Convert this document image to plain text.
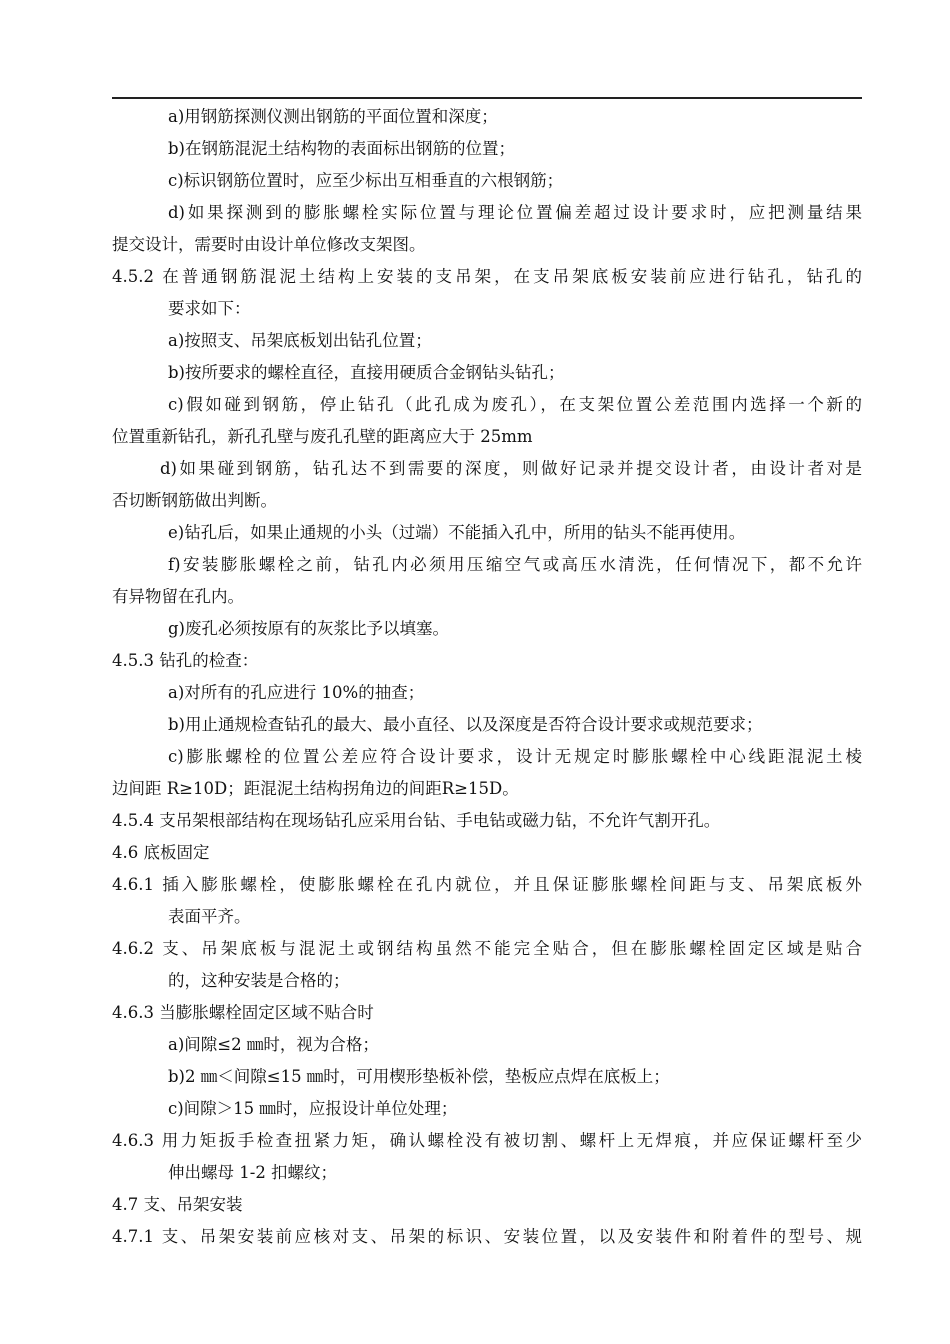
a)用钢筋探测仪测出钢筋的平面位置和深度；
b)在钢筋混泥土结构物的表面标出钢筋的位置；
c)标识钢筋位置时，应至少标出互相垂直的六根钢筋；
d)如果探测到的膨胀螺栓实际位置与理论位置偏差超过设计要求时，应把测量结果
提交设计，需要时由设计单位修改支架图。
4.5.2 在普通钢筋混泥土结构上安装的支吊架，在支吊架底板安装前应进行钻孔，钻孔的
要求如下：
a)按照支、吊架底板划出钻孔位置；
b)按所要求的螺栓直径，直接用硬质合金钢钻头钻孔；
c)假如碰到钢筋，停止钻孔（此孔成为废孔），在支架位置公差范围内选择一个新的
位置重新钻孔，新孔孔壁与废孔孔壁的距离应大于 25mm
d)如果碰到钢筋，钻孔达不到需要的深度，则做好记录并提交设计者，由设计者对是
否切断钢筋做出判断。
e)钻孔后，如果止通规的小头（过端）不能插入孔中，所用的钻头不能再使用。
f)安装膨胀螺栓之前，钻孔内必须用压缩空气或高压水清洗，任何情况下，都不允许
有异物留在孔内。
g)废孔必须按原有的灰浆比予以填塞。
4.5.3 钻孔的检查：
a)对所有的孔应进行 10%的抽查；
b)用止通规检查钻孔的最大、最小直径、以及深度是否符合设计要求或规范要求；
c)膨胀螺栓的位置公差应符合设计要求，设计无规定时膨胀螺栓中心线距混泥土棱
边间距 R≥10D；距混泥土结构拐角边的间距R≥15D。
4.5.4 支吊架根部结构在现场钻孔应采用台钻、手电钻或磁力钻，不允许气割开孔。
4.6 底板固定
4.6.1 插入膨胀螺栓，使膨胀螺栓在孔内就位，并且保证膨胀螺栓间距与支、吊架底板外
表面平齐。
4.6.2 支、吊架底板与混泥土或钢结构虽然不能完全贴合，但在膨胀螺栓固定区域是贴合
的，这种安装是合格的；
4.6.3 当膨胀螺栓固定区域不贴合时
a)间隙≤2 ㎜时，视为合格；
b)2 ㎜＜间隙≤15 ㎜时，可用楔形垫板补偿，垫板应点焊在底板上；
c)间隙＞15 ㎜时，应报设计单位处理；
4.6.3 用力矩扳手检查扭紧力矩，确认螺栓没有被切割、螺杆上无焊痕，并应保证螺杆至少
伸出螺母 1-2 扣螺纹；
4.7 支、吊架安装
4.7.1 支、吊架安装前应核对支、吊架的标识、安装位置，以及安装件和附着件的型号、规
